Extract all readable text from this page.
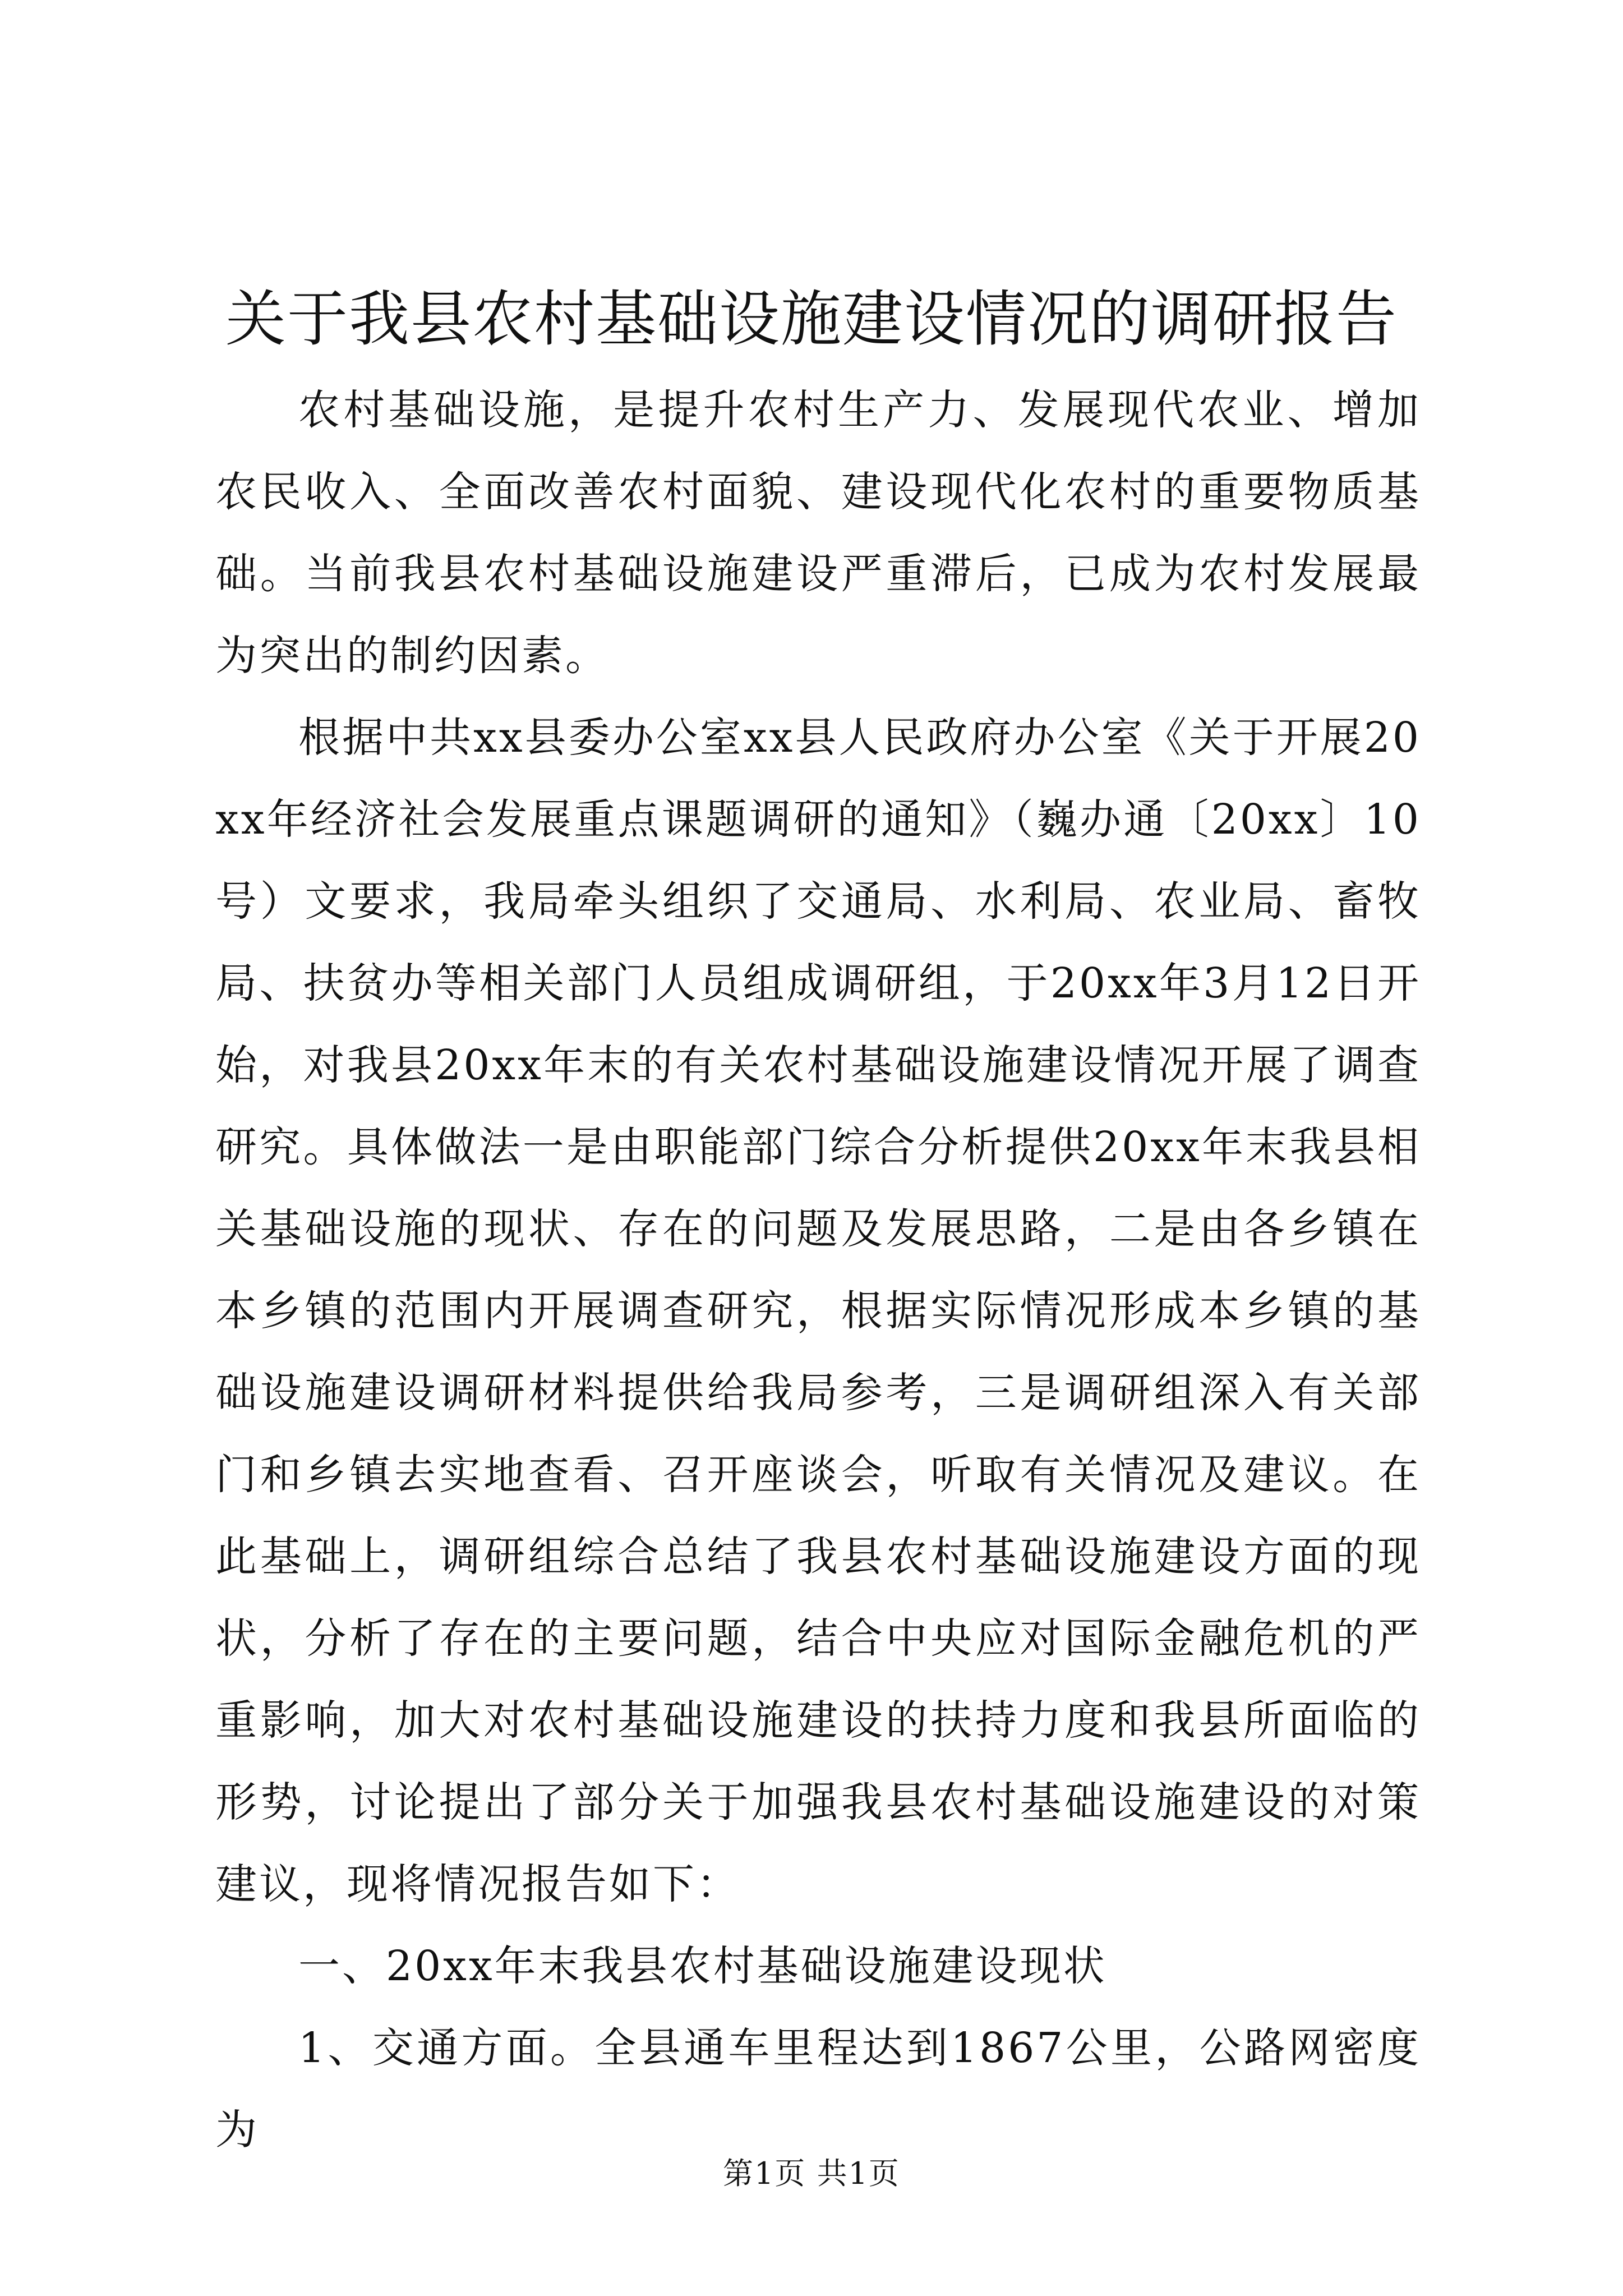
关于我县农村基础设施建设情况的调研报告

农村基础设施，是提升农村生产力、发展现代农业、增加农民收入、全面改善农村面貌、建设现代化农村的重要物质基础。当前我县农村基础设施建设严重滞后，已成为农村发展最为突出的制约因素。

根据中共xx县委办公室xx县人民政府办公室《关于开展20xx年经济社会发展重点课题调研的通知》（巍办通〔20xx〕10号）文要求，我局牵头组织了交通局、水利局、农业局、畜牧局、扶贫办等相关部门人员组成调研组，于20xx年3月12日开始，对我县20xx年末的有关农村基础设施建设情况开展了调查研究。具体做法一是由职能部门综合分析提供20xx年末我县相关基础设施的现状、存在的问题及发展思路，二是由各乡镇在本乡镇的范围内开展调查研究，根据实际情况形成本乡镇的基础设施建设调研材料提供给我局参考，三是调研组深入有关部门和乡镇去实地查看、召开座谈会，听取有关情况及建议。在此基础上，调研组综合总结了我县农村基础设施建设方面的现状，分析了存在的主要问题，结合中央应对国际金融危机的严重影响，加大对农村基础设施建设的扶持力度和我县所面临的形势，讨论提出了部分关于加强我县农村基础设施建设的对策建议，现将情况报告如下：

一、20xx年末我县农村基础设施建设现状

1、交通方面。全县通车里程达到1867公里，公路网密度为

第1页 共1页
